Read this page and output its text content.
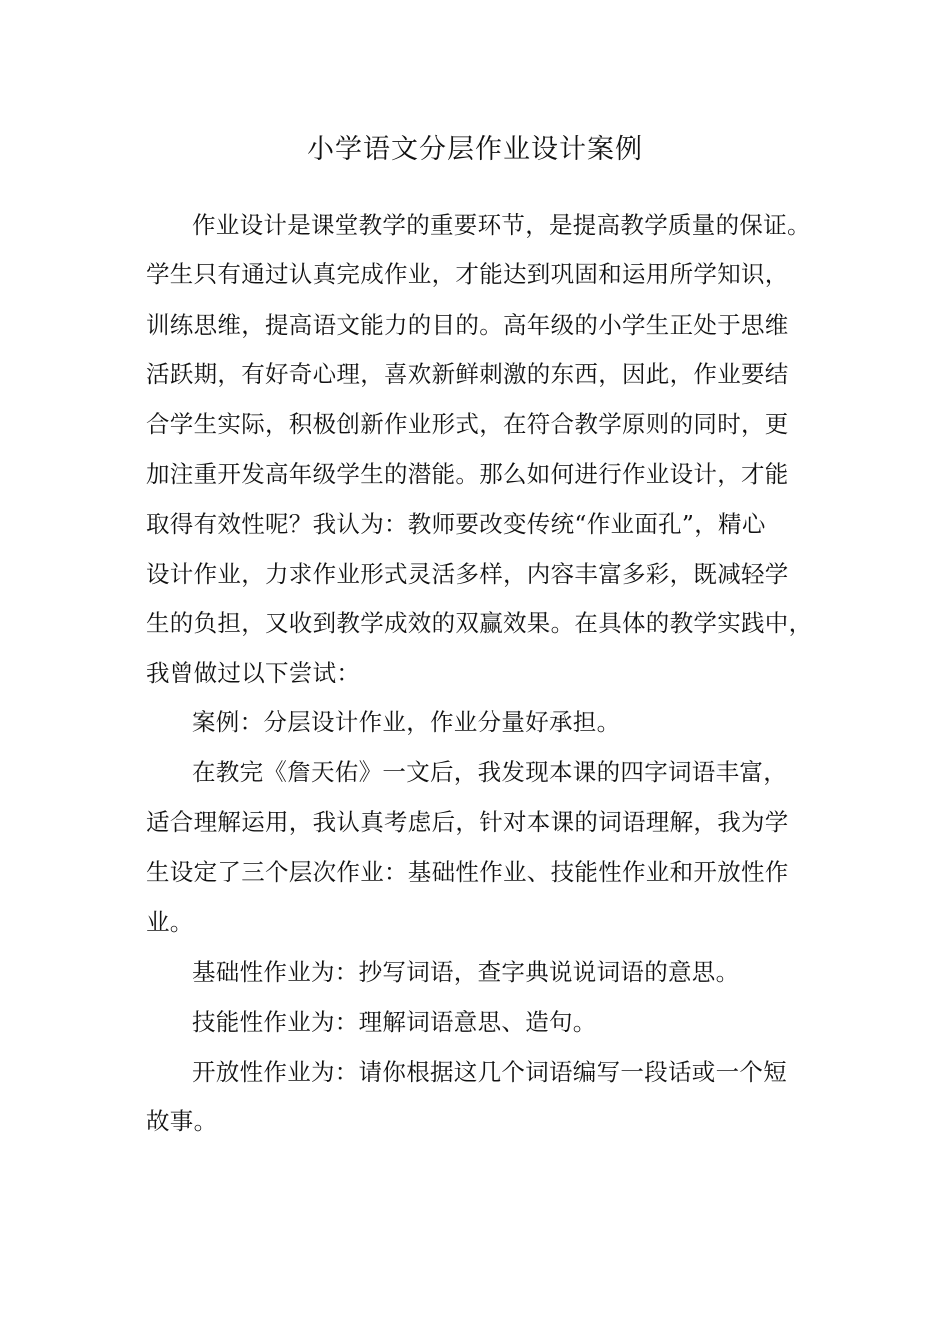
小学语文分层作业设计案例

作业设计是课堂教学的重要环节，是提高教学质量的保证。

学生只有通过认真完成作业，才能达到巩固和运用所学知识，

训练思维，提高语文能力的目的。高年级的小学生正处于思维

活跃期，有好奇心理，喜欢新鲜刺激的东西，因此，作业要结

合学生实际，积极创新作业形式，在符合教学原则的同时，更

加注重开发高年级学生的潜能。那么如何进行作业设计，才能

取得有效性呢？我认为：教师要改变传统“作业面孔”，精心

设计作业，力求作业形式灵活多样，内容丰富多彩，既减轻学

生的负担，又收到教学成效的双赢效果。在具体的教学实践中，

我曾做过以下尝试：

案例：分层设计作业，作业分量好承担。

在教完《詹天佑》一文后，我发现本课的四字词语丰富，

适合理解运用，我认真考虑后，针对本课的词语理解，我为学

生设定了三个层次作业：基础性作业、技能性作业和开放性作

业。

基础性作业为：抄写词语，查字典说说词语的意思。

技能性作业为：理解词语意思、造句。

开放性作业为：请你根据这几个词语编写一段话或一个短

故事。
